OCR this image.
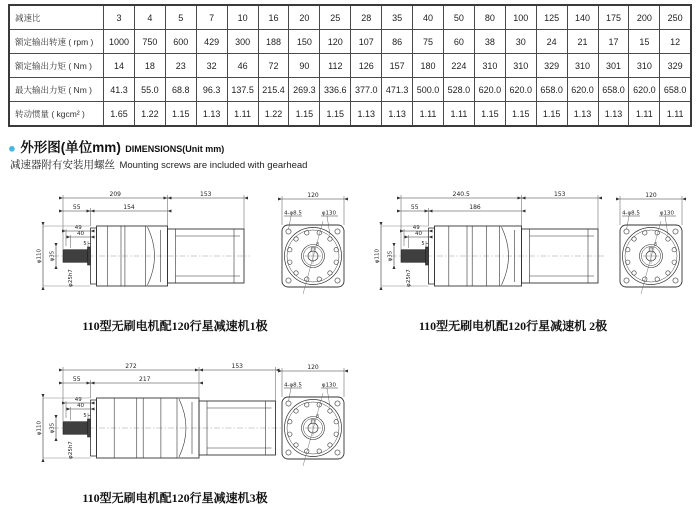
减速比	3	4	5	7	10	16	20	25	28	35	40	50	80	100	125	140	175	200	250
额定输出转速 ( rpm )	1000	750	600	429	300	188	150	120	107	86	75	60	38	30	24	21	17	15	12
额定输出力矩 ( Nm )	14	18	23	32	46	72	90	112	126	157	180	224	310	310	329	310	301	310	329
最大输出力矩 ( Nm )	41.3	55.0	68.8	96.3	137.5	215.4	269.3	336.6	377.0	471.3	500.0	528.0	620.0	620.0	658.0	620.0	658.0	620.0	658.0
转动惯量 ( kgcm² )	1.65	1.22	1.15	1.13	1.11	1.22	1.15	1.15	1.13	1.13	1.11	1.11	1.15	1.15	1.15	1.13	1.13	1.11	1.11
● 外形图(单位mm) DIMENSIONS(Unit mm)
减速器附有安装用螺丝 Mounting screws are included with gearhead
209	153
55	154
49
40
5
φ110 φ35
φ25h7
120
8
4-φ8.5	φ130
110型无刷电机配120行星减速机1极
240.5	153
55	186
49
40
5
φ110 φ35
φ25h7
120
8
4-φ8.5	φ130
110型无刷电机配120行星减速机 2极
272	153
55	217
49
40
5
φ110 φ35
φ25h7
120
8
4-φ8.5	φ130
110型无刷电机配120行星减速机3极
